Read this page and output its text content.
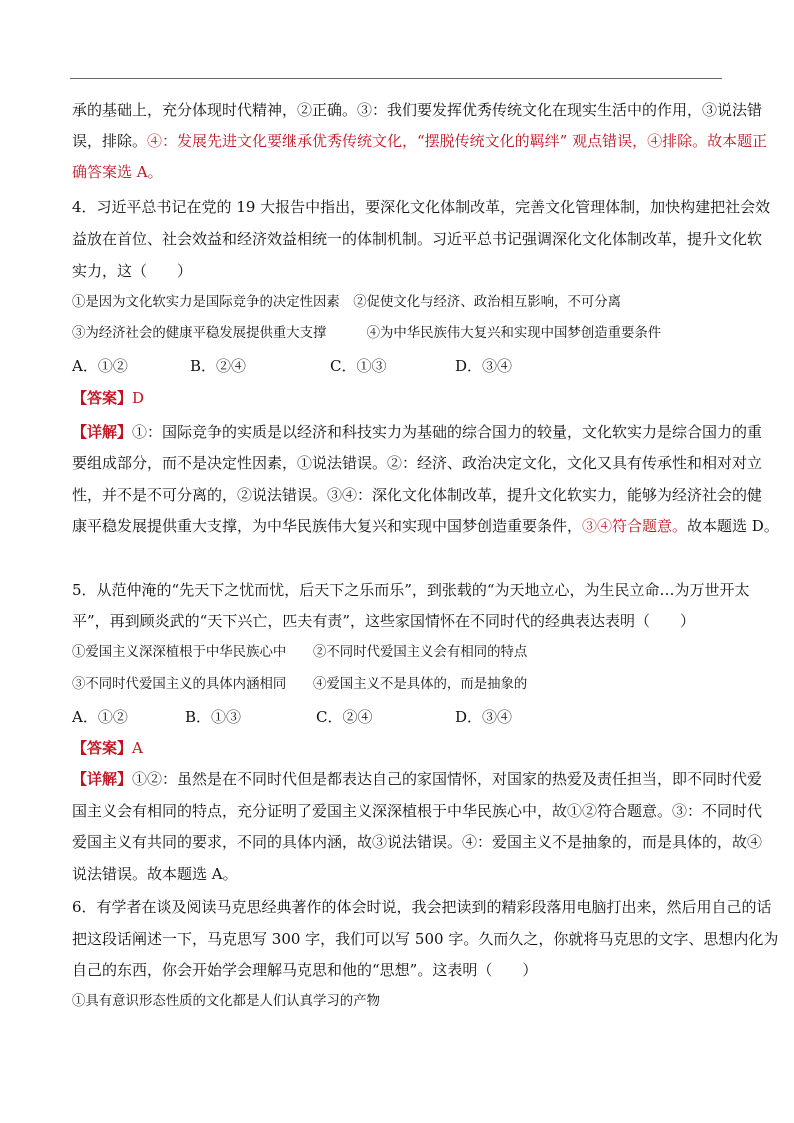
承的基础上，充分体现时代精神，②正确。③：我们要发挥优秀传统文化在现实生活中的作用，③说法错
误，排除。④：发展先进文化要继承优秀传统文化，“摆脱传统文化的羁绊” 观点错误，④排除。故本题正
确答案选 A。
4．习近平总书记在党的 19 大报告中指出，要深化文化体制改革，完善文化管理体制，加快构建把社会效
益放在首位、社会效益和经济效益相统一的体制机制。习近平总书记强调深化文化体制改革，提升文化软
实力，这（　　）
①是因为文化软实力是国际竞争的决定性因素　②促使文化与经济、政治相互影响，不可分离
③为经济社会的健康平稳发展提供重大支撑　　　④为中华民族伟大复兴和实现中国梦创造重要条件
A．①②	B．②④	C．①③	D．③④
【答案】D
【详解】①：国际竞争的实质是以经济和科技实力为基础的综合国力的较量，文化软实力是综合国力的重
要组成部分，而不是决定性因素，①说法错误。②：经济、政治决定文化，文化又具有传承性和相对对立
性，并不是不可分离的，②说法错误。③④：深化文化体制改革，提升文化软实力，能够为经济社会的健
康平稳发展提供重大支撑，为中华民族伟大复兴和实现中国梦创造重要条件，③④符合题意。故本题选 D。
5．从范仲淹的“先天下之忧而忧，后天下之乐而乐”，到张载的“为天地立心，为生民立命…为万世开太
平”，再到顾炎武的“天下兴亡，匹夫有责”，这些家国情怀在不同时代的经典表达表明（　　）
①爱国主义深深植根于中华民族心中　　②不同时代爱国主义会有相同的特点
③不同时代爱国主义的具体内涵相同　　④爱国主义不是具体的，而是抽象的
A．①②	B．①③	C．②④	D．③④
【答案】A
【详解】①②：虽然是在不同时代但是都表达自己的家国情怀，对国家的热爱及责任担当，即不同时代爱
国主义会有相同的特点，充分证明了爱国主义深深植根于中华民族心中，故①②符合题意。③：不同时代
爱国主义有共同的要求，不同的具体内涵，故③说法错误。④：爱国主义不是抽象的，而是具体的，故④
说法错误。故本题选 A。
6．有学者在谈及阅读马克思经典著作的体会时说，我会把读到的精彩段落用电脑打出来，然后用自己的话
把这段话阐述一下，马克思写 300 字，我们可以写 500 字。久而久之，你就将马克思的文字、思想内化为
自己的东西，你会开始学会理解马克思和他的“思想”。这表明（　　）
①具有意识形态性质的文化都是人们认真学习的产物
